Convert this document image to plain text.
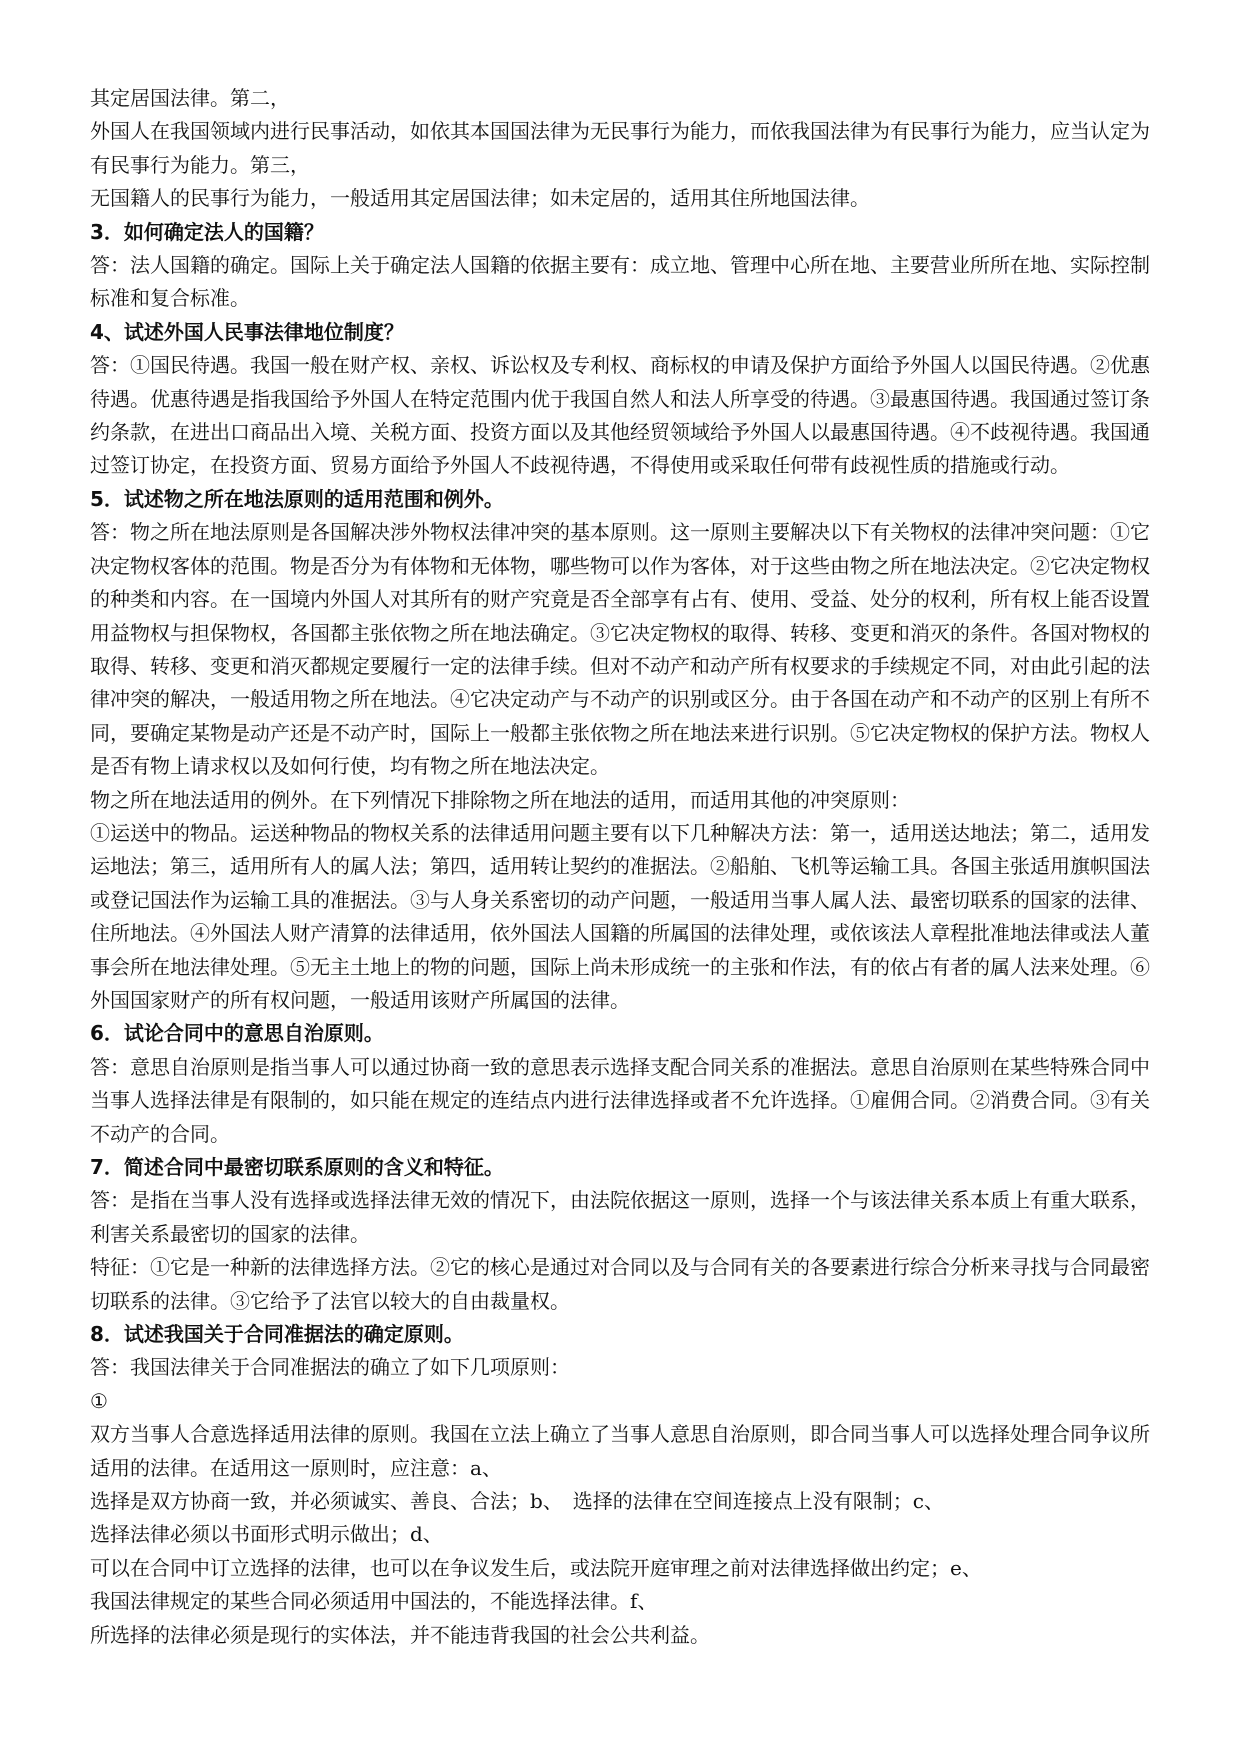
其定居国法律。第二，

外国人在我国领域内进行民事活动，如依其本国国法律为无民事行为能力，而依我国法律为有民事行为能力，应当认定为有民事行为能力。第三，

无国籍人的民事行为能力，一般适用其定居国法律；如未定居的，适用其住所地国法律。

3．如何确定法人的国籍？

答：法人国籍的确定。国际上关于确定法人国籍的依据主要有：成立地、管理中心所在地、主要营业所所在地、实际控制标准和复合标准。

4、试述外国人民事法律地位制度？

答：①国民待遇。我国一般在财产权、亲权、诉讼权及专利权、商标权的申请及保护方面给予外国人以国民待遇。②优惠待遇。优惠待遇是指我国给予外国人在特定范围内优于我国自然人和法人所享受的待遇。③最惠国待遇。我国通过签订条约条款，在进出口商品出入境、关税方面、投资方面以及其他经贸领域给予外国人以最惠国待遇。④不歧视待遇。我国通过签订协定，在投资方面、贸易方面给予外国人不歧视待遇，不得使用或采取任何带有歧视性质的措施或行动。

5．试述物之所在地法原则的适用范围和例外。

答：物之所在地法原则是各国解决涉外物权法律冲突的基本原则。这一原则主要解决以下有关物权的法律冲突问题：①它决定物权客体的范围。物是否分为有体物和无体物，哪些物可以作为客体，对于这些由物之所在地法决定。②它决定物权的种类和内容。在一国境内外国人对其所有的财产究竟是否全部享有占有、使用、受益、处分的权利，所有权上能否设置用益物权与担保物权，各国都主张依物之所在地法确定。③它决定物权的取得、转移、变更和消灭的条件。各国对物权的取得、转移、变更和消灭都规定要履行一定的法律手续。但对不动产和动产所有权要求的手续规定不同，对由此引起的法律冲突的解决，一般适用物之所在地法。④它决定动产与不动产的识别或区分。由于各国在动产和不动产的区别上有所不同，要确定某物是动产还是不动产时，国际上一般都主张依物之所在地法来进行识别。⑤它决定物权的保护方法。物权人是否有物上请求权以及如何行使，均有物之所在地法决定。

物之所在地法适用的例外。在下列情况下排除物之所在地法的适用，而适用其他的冲突原则：

①运送中的物品。运送种物品的物权关系的法律适用问题主要有以下几种解决方法：第一，适用送达地法；第二，适用发运地法；第三，适用所有人的属人法；第四，适用转让契约的准据法。②船舶、飞机等运输工具。各国主张适用旗帜国法或登记国法作为运输工具的准据法。③与人身关系密切的动产问题，一般适用当事人属人法、最密切联系的国家的法律、住所地法。④外国法人财产清算的法律适用，依外国法人国籍的所属国的法律处理，或依该法人章程批准地法律或法人董事会所在地法律处理。⑤无主土地上的物的问题，国际上尚未形成统一的主张和作法，有的依占有者的属人法来处理。⑥外国国家财产的所有权问题，一般适用该财产所属国的法律。

6．试论合同中的意思自治原则。

答：意思自治原则是指当事人可以通过协商一致的意思表示选择支配合同关系的准据法。意思自治原则在某些特殊合同中当事人选择法律是有限制的，如只能在规定的连结点内进行法律选择或者不允许选择。①雇佣合同。②消费合同。③有关不动产的合同。

7．简述合同中最密切联系原则的含义和特征。

答：是指在当事人没有选择或选择法律无效的情况下，由法院依据这一原则，选择一个与该法律关系本质上有重大联系，利害关系最密切的国家的法律。

特征：①它是一种新的法律选择方法。②它的核心是通过对合同以及与合同有关的各要素进行综合分析来寻找与合同最密切联系的法律。③它给予了法官以较大的自由裁量权。

8．试述我国关于合同准据法的确定原则。

答：我国法律关于合同准据法的确立了如下几项原则：

①

双方当事人合意选择适用法律的原则。我国在立法上确立了当事人意思自治原则，即合同当事人可以选择处理合同争议所适用的法律。在适用这一原则时，应注意：a、

选择是双方协商一致，并必须诚实、善良、合法；b、　选择的法律在空间连接点上没有限制；c、

选择法律必须以书面形式明示做出；d、

可以在合同中订立选择的法律，也可以在争议发生后，或法院开庭审理之前对法律选择做出约定；e、

我国法律规定的某些合同必须适用中国法的，不能选择法律。f、

所选择的法律必须是现行的实体法，并不能违背我国的社会公共利益。
